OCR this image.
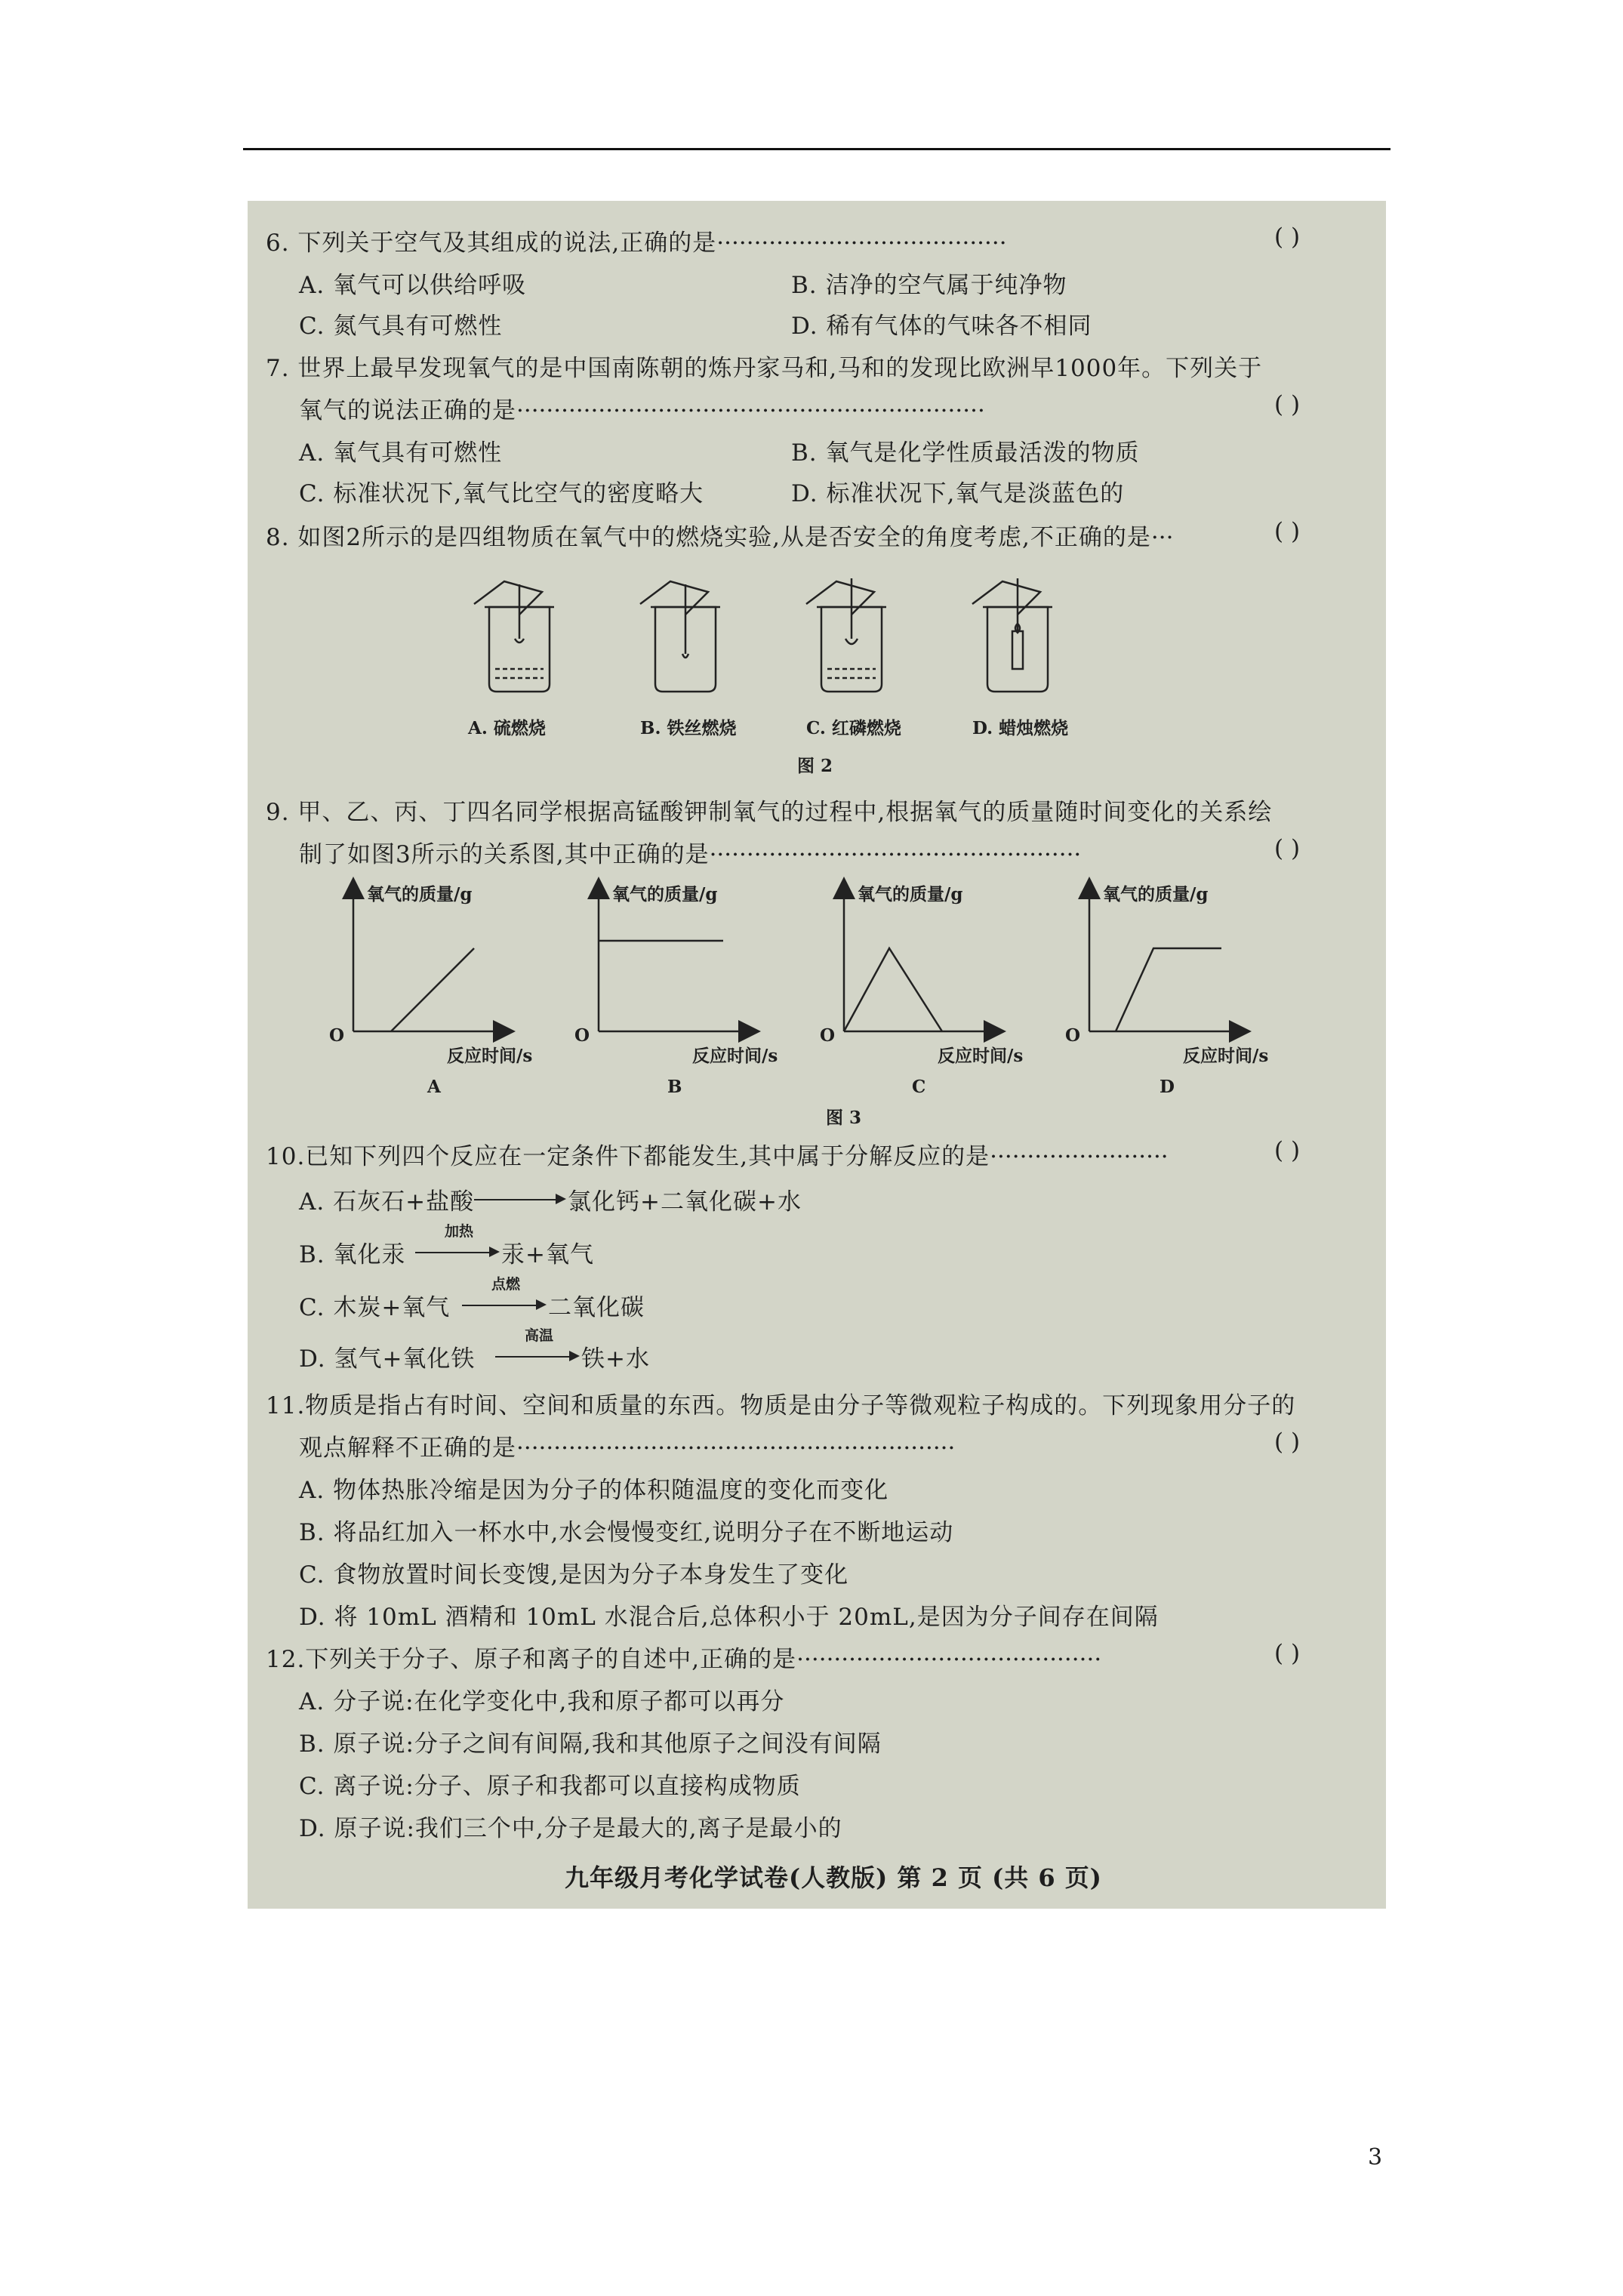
6. 下列关于空气及其组成的说法,正确的是·······································	( )
A. 氧气可以供给呼吸	B. 洁净的空气属于纯净物
C. 氮气具有可燃性	D. 稀有气体的气味各不相同
7. 世界上最早发现氧气的是中国南陈朝的炼丹家马和,马和的发现比欧洲早1000年。下列关于
氧气的说法正确的是·······························································	( )
A. 氧气具有可燃性	B. 氧气是化学性质最活泼的物质
C. 标准状况下,氧气比空气的密度略大	D. 标准状况下,氧气是淡蓝色的
8. 如图2所示的是四组物质在氧气中的燃烧实验,从是否安全的角度考虑,不正确的是···	( )
A. 硫燃烧	B. 铁丝燃烧	C. 红磷燃烧	D. 蜡烛燃烧
图 2
9. 甲、乙、丙、丁四名同学根据高锰酸钾制氧气的过程中,根据氧气的质量随时间变化的关系绘
制了如图3所示的关系图,其中正确的是··················································	( )
氧气的质量/g	氧气的质量/g	氧气的质量/g	氧气的质量/g
O	O	O	O
反应时间/s	反应时间/s	反应时间/s	反应时间/s
A	B	C	D
图 3
10.已知下列四个反应在一定条件下都能发生,其中属于分解反应的是························	( )
A. 石灰石+盐酸	氯化钙+二氧化碳+水
B. 氧化汞
加热
汞+氧气
C. 木炭+氧气
点燃
二氧化碳
D. 氢气+氧化铁
高温
铁+水
11.物质是指占有时间、空间和质量的东西。物质是由分子等微观粒子构成的。下列现象用分子的
观点解释不正确的是···························································	( )
A. 物体热胀冷缩是因为分子的体积随温度的变化而变化
B. 将品红加入一杯水中,水会慢慢变红,说明分子在不断地运动
C. 食物放置时间长变馊,是因为分子本身发生了变化
D. 将 10mL 酒精和 10mL 水混合后,总体积小于 20mL,是因为分子间存在间隔
12.下列关于分子、原子和离子的自述中,正确的是·········································	( )
A. 分子说:在化学变化中,我和原子都可以再分
B. 原子说:分子之间有间隔,我和其他原子之间没有间隔
C. 离子说:分子、原子和我都可以直接构成物质
D. 原子说:我们三个中,分子是最大的,离子是最小的
九年级月考化学试卷(人教版) 第 2 页 (共 6 页)
3
